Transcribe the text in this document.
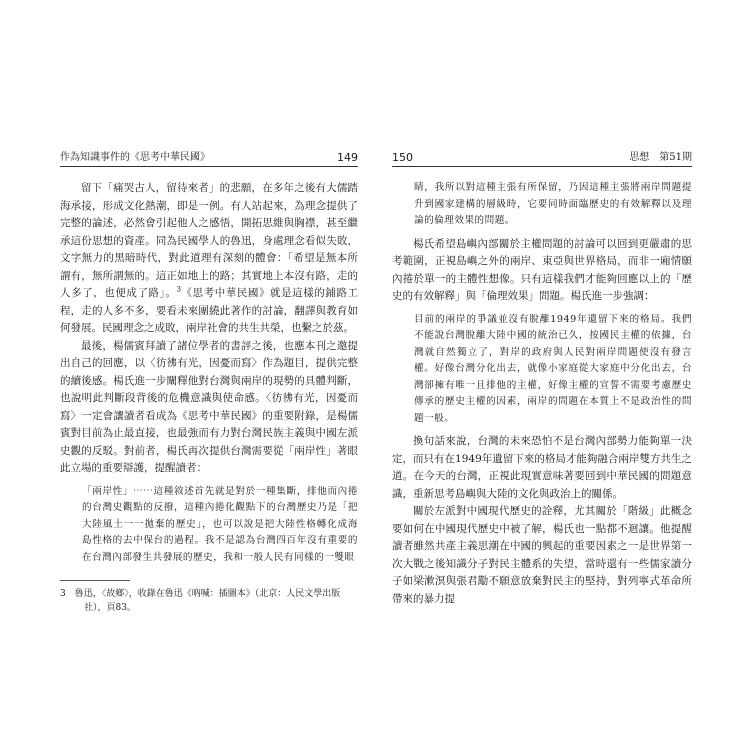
作為知識事件的《思考中華民國》	149

留下「痛哭古人，留待來者」的悲願，在多年之後有大儒踏海承接，形成文化熱潮，即是一例。有人站起來，為理念提供了完整的論述，必然會引起他人之感悟，開拓思維與胸襟，甚至繼承這份思想的資產。同為民國學人的魯迅，身處理念看似失敗，文字無力的黑暗時代，對此道理有深刻的體會：「希望是無本所謂有，無所謂無的。這正如地上的路；其實地上本沒有路，走的人多了，也便成了路」。$^3$《思考中華民國》就是這樣的鋪路工程，走的人多不多，要看未來團繞此著作的討論，翻譯與教育如何發展。民國理念之成敗，兩岸社會的共生共榮，也繫之於茲。

最後，楊儒賓拜讀了諸位學者的書評之後，也應本刊之邀提出自己的回應，以〈彷彿有光，因憂而寫〉作為題目，提供完整的續後感。楊氏進一步闡釋他對台灣與兩岸的現勢的具體判斷，也說明此判斷段背後的危機意識與使命感。〈彷彿有光，因憂而寫〉一定會讓讀者看成為《思考中華民國》的重要附錄，是楊儒賓對目前為止最直接，也最強而有力對台灣民族主義與中國左派史觀的反駁。對前者，楊氏再次提供台灣需要從「兩岸性」著眼此立場的重要辯護，提醒讀者：

「兩岸性」⋯⋯這種敘述首先就是對於一種集斷，排他而內捲的台灣史觀點的反撥，這種內捲化觀點下的台灣歷史乃是「把大陸風土一一拋棄的歷史」，也可以說是把大陸性格轉化成海島性格的去中保台的過程。我不是認為台灣四百年沒有重要的在台灣內部發生共發展的歷史，我和一般人民有同樣的一雙眼
3　魯迅，〈故鄉〉，收錄在魯迅《吶喊：插圖本》（北京：人民文學出版社），頁83。
150	思想　第51期
睛，我所以對這種主張有所保留，乃因這種主張將兩岸問題提升到國家建構的層級時，它要同時面臨歷史的有效解釋以及理論的倫理效果的問題。

楊氏希望島嶼內部關於主權問題的討論可以回到更嚴肅的思考範圍，正視島嶼之外的兩岸、東亞與世界格局，而非一廂情願內捲於單一的主體性想像。只有這樣我們才能夠回應以上的「歷史的有效解釋」與「倫理效果」問題。楊氏進一步強調：

目前的兩岸的爭議並沒有脫離1949年遺留下來的格局。我們不能說台灣脫離大陸中國的統治已久，按國民主權的依據，台灣就自然獨立了，對岸的政府與人民對兩岸問題使沒有發言權。好像台灣分化出去，就像小家庭從大家庭中分化出去，台灣卻擁有唯一且排他的主權，好像主權的宣誓不需要考慮歷史傳承的歷史主權的因素，兩岸的問題在本質上不是政治性的問題一般。

換句話來說，台灣的未來恐怕不是台灣內部勢力能夠單一決定，而只有在1949年遺留下來的格局才能夠融合兩岸雙方共生之道。在今天的台灣，正視此現實意味著要回到中華民國的問題意識，重新思考島嶼與大陸的文化與政治上的關係。

關於左派對中國現代歷史的詮釋，尤其關於「階級」此概念要如何在中國現代歷史中被了解，楊氏也一點都不迴讓。他提醒讀者雖然共產主義思潮在中國的興起的重要因素之一是世界第一次大戰之後知識分子對民主體系的失望，當時還有一些儒家讀分子如梁漱溟與張君勱不願意放棄對民主的堅持，對列寧式革命所帶來的暴力提
